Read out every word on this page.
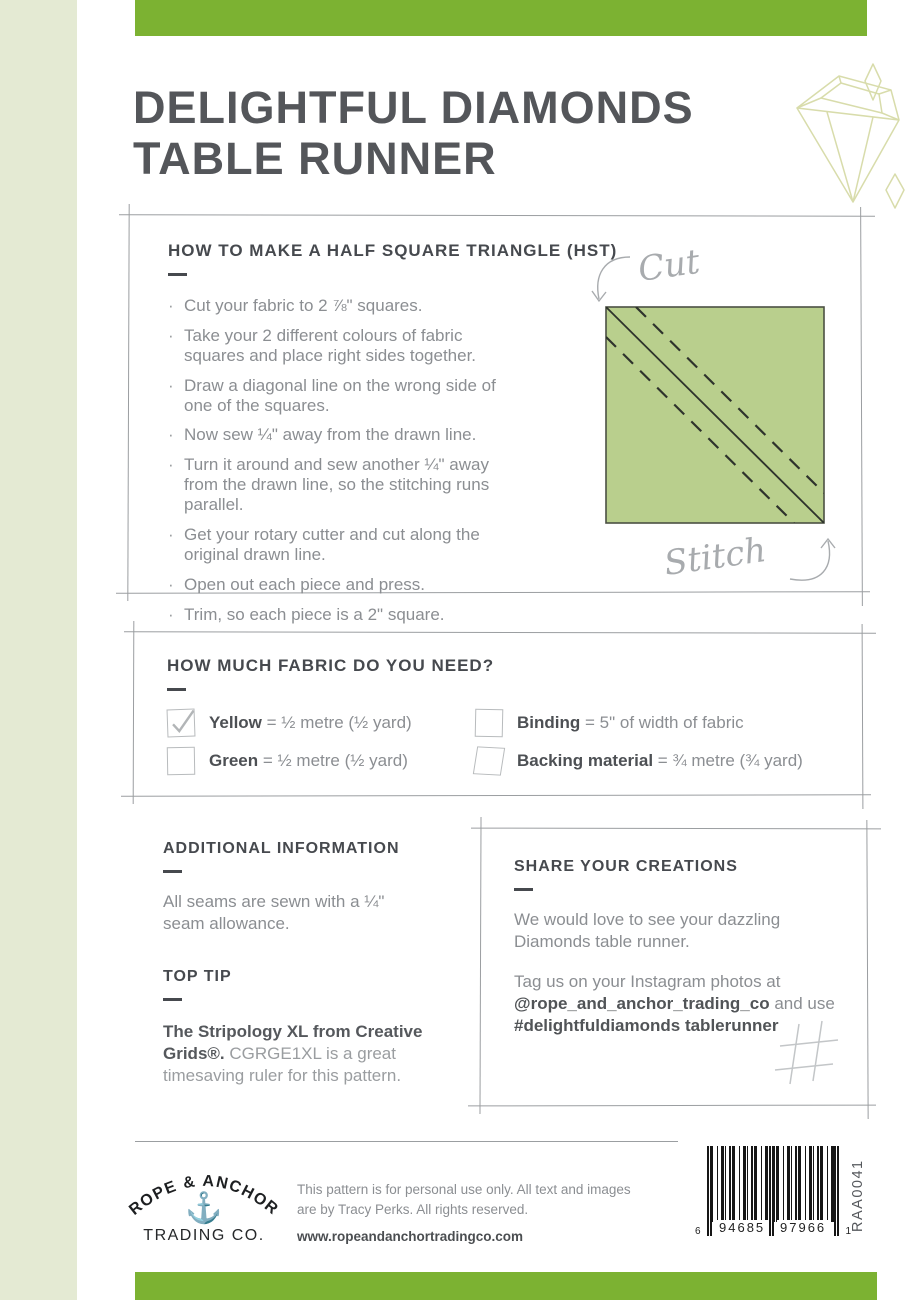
DELIGHTFUL DIAMONDS
TABLE RUNNER
HOW TO MAKE A HALF SQUARE TRIANGLE (HST)
· Cut your fabric to 2 ⅞" squares.
· Take your 2 different colours of fabric squares and place right sides together.
· Draw a diagonal line on the wrong side of one of the squares.
· Now sew ¼" away from the drawn line.
· Turn it around and sew another ¼" away from the drawn line, so the stitching runs parallel.
· Get your rotary cutter and cut along the original drawn line.
· Open out each piece and press.
· Trim, so each piece is a 2" square.
Cut
Stitch
HOW MUCH FABRIC DO YOU NEED?
Yellow = ½ metre (½ yard)	Binding = 5" of width of fabric
Green = ½ metre (½ yard)	Backing material = ¾ metre (¾ yard)
ADDITIONAL INFORMATION

All seams are sewn with a ¼" seam allowance.

TOP TIP

The Stripology XL from Creative Grids®. CGRGE1XL is a great timesaving ruler for this pattern.

SHARE YOUR CREATIONS

We would love to see your dazzling Diamonds table runner.

Tag us on your Instagram photos at @rope_and_anchor_trading_co and use #delightfuldiamonds tablerunner

ROPE & ANCHOR
⚓
TRADING CO.
This pattern is for personal use only. All text and images are by Tracy Perks. All rights reserved.
www.ropeandanchortradingco.com	6 94685 97966	1 RAA0041
